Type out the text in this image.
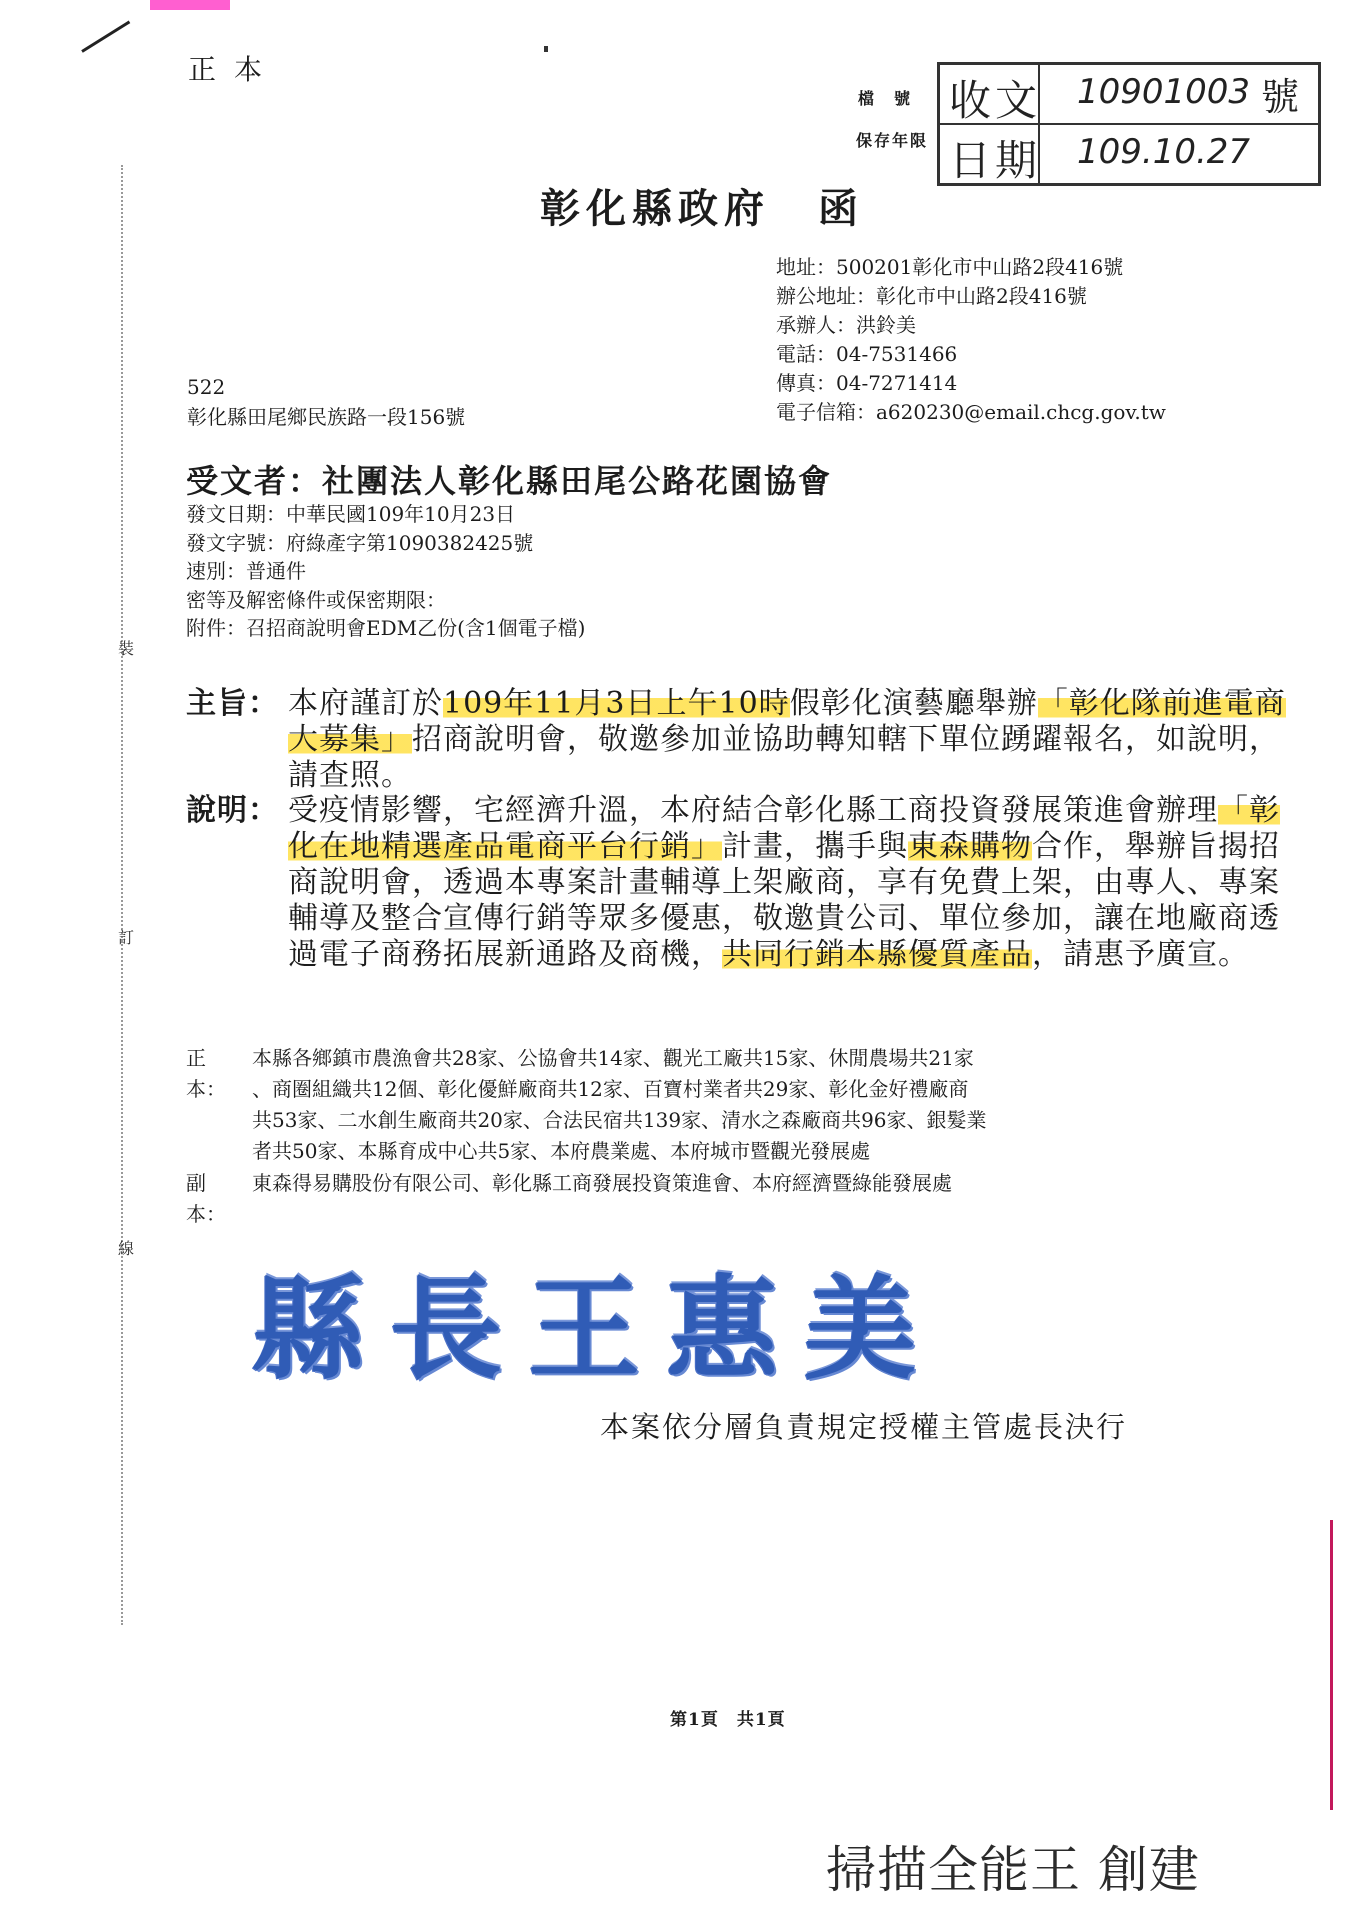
正本
裝
訂
線
檔　號
保存年限
收文 10901003 號
日期 109.10.27
彰化縣政府 函
地址：500201彰化市中山路2段416號
辦公地址：彰化市中山路2段416號
承辦人：洪鈴美
電話：04-7531466
傳真：04-7271414
電子信箱：a620230@email.chcg.gov.tw
522
彰化縣田尾鄉民族路一段156號
受文者：社團法人彰化縣田尾公路花園協會
發文日期：中華民國109年10月23日
發文字號：府綠產字第1090382425號
速別：普通件
密等及解密條件或保密期限：
附件：召招商說明會EDM乙份(含1個電子檔)
主旨： 本府謹訂於109年11月3日上午10時假彰化演藝廳舉辦「彰化隊前進電商大募集」招商說明會，敬邀參加並協助轉知轄下單位踴躍報名，如說明，請查照。
說明： 受疫情影響，宅經濟升溫，本府結合彰化縣工商投資發展策進會辦理「彰化在地精選產品電商平台行銷」計畫，攜手與東森購物合作，舉辦旨揭招商說明會，透過本專案計畫輔導上架廠商，享有免費上架，由專人、專案輔導及整合宣傳行銷等眾多優惠，敬邀貴公司、單位參加，讓在地廠商透過電子商務拓展新通路及商機，共同行銷本縣優質產品，請惠予廣宣。
正本：
本縣各鄉鎮市農漁會共28家、公協會共14家、觀光工廠共15家、休閒農場共21家
、商圈組織共12個、彰化優鮮廠商共12家、百寶村業者共29家、彰化金好禮廠商
共53家、二水創生廠商共20家、合法民宿共139家、清水之森廠商共96家、銀髮業
者共50家、本縣育成中心共5家、本府農業處、本府城市暨觀光發展處
副本：
東森得易購股份有限公司、彰化縣工商發展投資策進會、本府經濟暨綠能發展處
縣長王惠美
本案依分層負責規定授權主管處長決行
第1頁　共1頁
掃描全能王 創建
